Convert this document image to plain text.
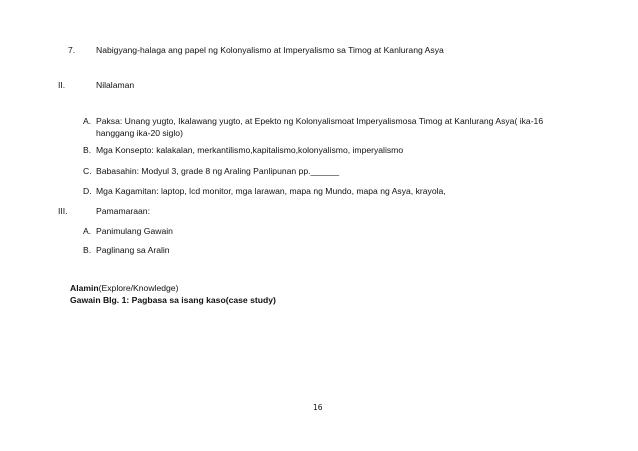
7. Nabigyang-halaga ang papel ng Kolonyalismo at Imperyalismo sa Timog at Kanlurang Asya
II.	Nilalaman
A. Paksa: Unang yugto, Ikalawang yugto, at Epekto ng Kolonyalismoat Imperyalismosa Timog at Kanlurang Asya( ika-16
hanggang ika-20 siglo)
B. Mga Konsepto: kalakalan, merkantilismo,kapitalismo,kolonyalismo, imperyalismo
C. Babasahin: Modyul 3, grade 8 ng Araling Panlipunan pp.______
D. Mga Kagamitan: laptop, lcd monitor, mga larawan, mapa ng Mundo, mapa ng Asya, krayola,
III.	Pamamaraan:
A. Panimulang Gawain
B. Paglinang sa Aralin
Alamin(Explore/Knowledge)
Gawain Blg. 1: Pagbasa sa isang kaso(case study)
16
